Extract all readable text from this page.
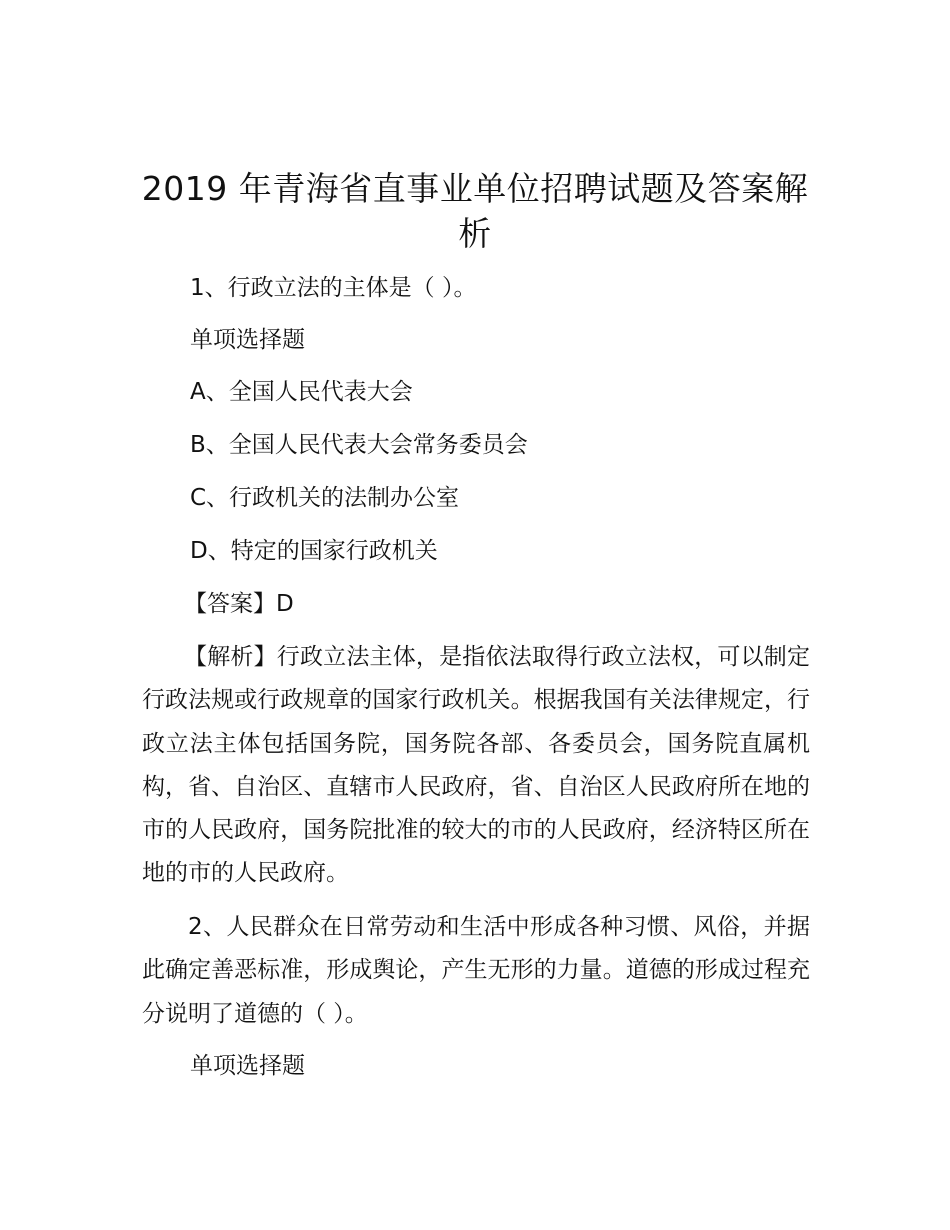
2019 年青海省直事业单位招聘试题及答案解析

1、行政立法的主体是（ ）。

单项选择题

A、全国人民代表大会

B、全国人民代表大会常务委员会

C、行政机关的法制办公室

D、特定的国家行政机关

【答案】D

【解析】行政立法主体，是指依法取得行政立法权，可以制定行政法规或行政规章的国家行政机关。根据我国有关法律规定，行政立法主体包括国务院，国务院各部、各委员会，国务院直属机构，省、自治区、直辖市人民政府，省、自治区人民政府所在地的市的人民政府，国务院批准的较大的市的人民政府，经济特区所在地的市的人民政府。

2、人民群众在日常劳动和生活中形成各种习惯、风俗，并据此确定善恶标准，形成舆论，产生无形的力量。道德的形成过程充分说明了道德的（ ）。

单项选择题
